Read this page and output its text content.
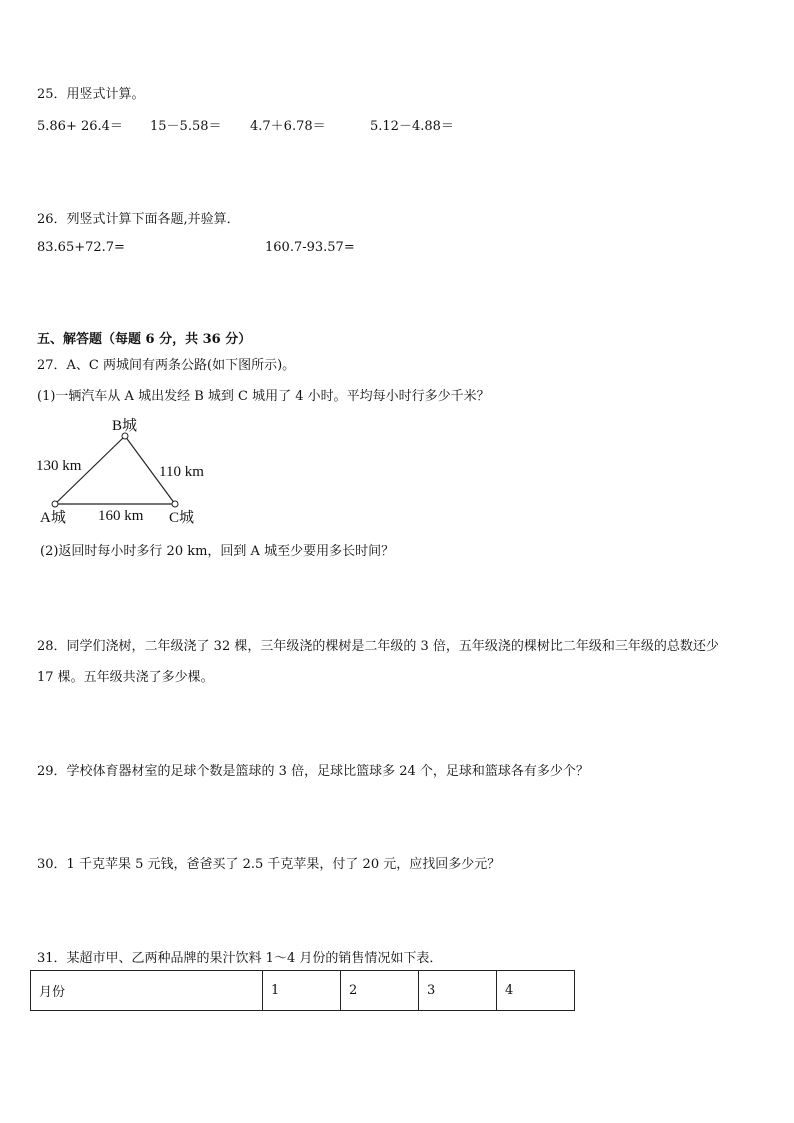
25．用竖式计算。
5.86+ 26.4＝ 15－5.58＝ 4.7＋6.78＝	5.12－4.88＝
26．列竖式计算下面各题,并验算．
83.65+72.7=	160.7-93.57=
五、解答题（每题 6 分，共 36 分）
27．A、C 两城间有两条公路(如下图所示)。
(1)一辆汽车从 A 城出发经 B 城到 C 城用了 4 小时。平均每小时行多少千米？
B城
A城	C城
130 km	110 km
160 km
(2)返回时每小时多行 20 km，回到 A 城至少要用多长时间？
28．同学们浇树，二年级浇了 32 棵，三年级浇的棵树是二年级的 3 倍，五年级浇的棵树比二年级和三年级的总数还少
17 棵。五年级共浇了多少棵。
29．学校体育器材室的足球个数是篮球的 3 倍，足球比篮球多 24 个，足球和篮球各有多少个？
30．1 千克苹果 5 元钱，爸爸买了 2.5 千克苹果，付了 20 元，应找回多少元？
31．某超市甲、乙两种品牌的果汁饮料 1～4 月份的销售情况如下表．
月份	1	2	3	4
